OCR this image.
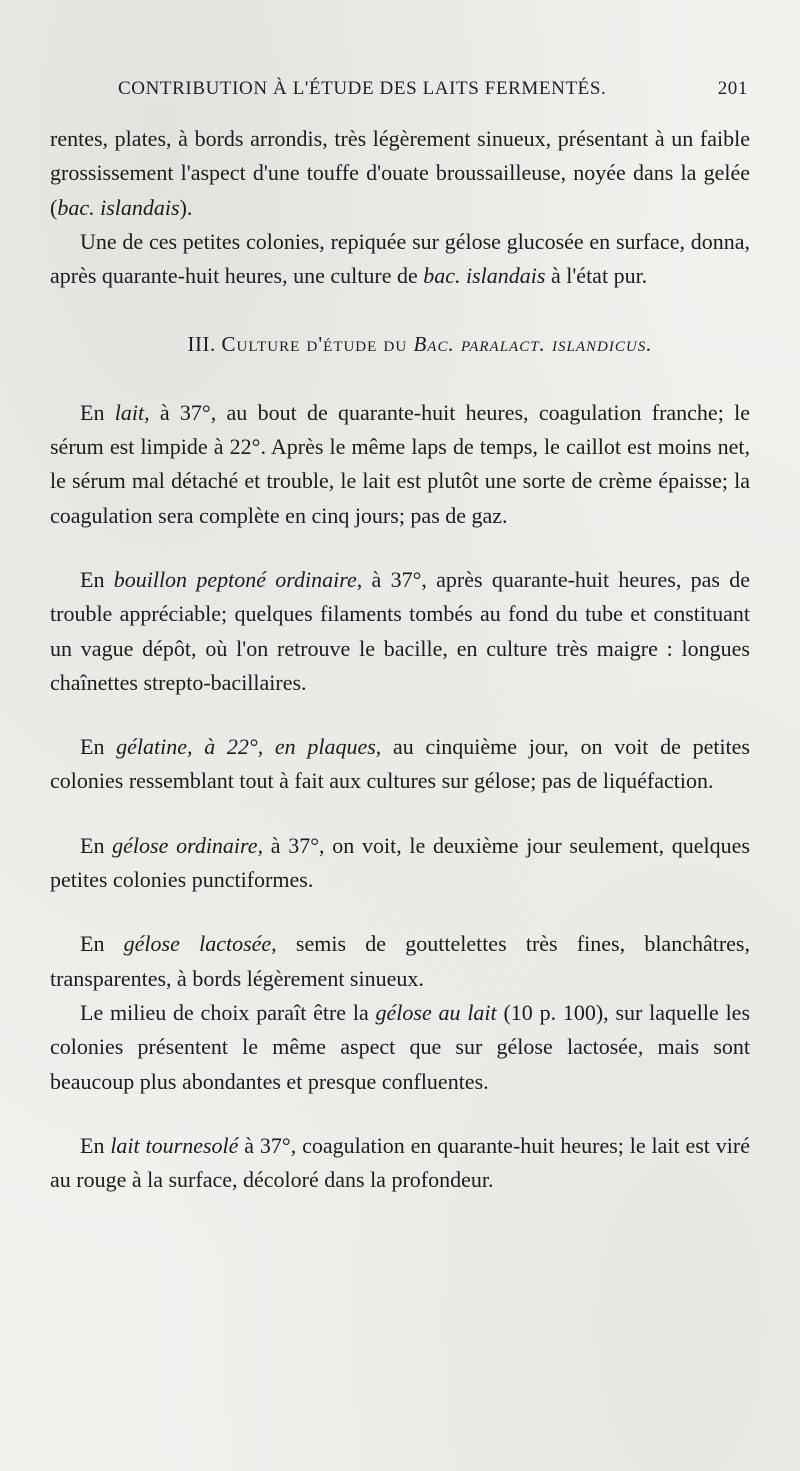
CONTRIBUTION À L'ÉTUDE DES LAITS FERMENTÉS.	201

rentes, plates, à bords arrondis, très légèrement sinueux, présentant à un faible grossissement l'aspect d'une touffe d'ouate broussailleuse, noyée dans la gelée (bac. islandais).

Une de ces petites colonies, repiquée sur gélose glucosée en surface, donna, après quarante-huit heures, une culture de bac. islandais à l'état pur.

III. Culture d'étude du Bac. paralact. islandicus.

En lait, à 37°, au bout de quarante-huit heures, coagulation franche; le sérum est limpide à 22°. Après le même laps de temps, le caillot est moins net, le sérum mal détaché et trouble, le lait est plutôt une sorte de crème épaisse; la coagulation sera complète en cinq jours; pas de gaz.

En bouillon peptoné ordinaire, à 37°, après quarante-huit heures, pas de trouble appréciable; quelques filaments tombés au fond du tube et constituant un vague dépôt, où l'on retrouve le bacille, en culture très maigre : longues chaînettes strepto-bacillaires.

En gélatine, à 22°, en plaques, au cinquième jour, on voit de petites colonies ressemblant tout à fait aux cultures sur gélose; pas de liquéfaction.

En gélose ordinaire, à 37°, on voit, le deuxième jour seulement, quelques petites colonies punctiformes.

En gélose lactosée, semis de gouttelettes très fines, blanchâtres, transparentes, à bords légèrement sinueux.

Le milieu de choix paraît être la gélose au lait (10 p. 100), sur laquelle les colonies présentent le même aspect que sur gélose lactosée, mais sont beaucoup plus abondantes et presque confluentes.

En lait tournesolé à 37°, coagulation en quarante-huit heures; le lait est viré au rouge à la surface, décoloré dans la profondeur.
